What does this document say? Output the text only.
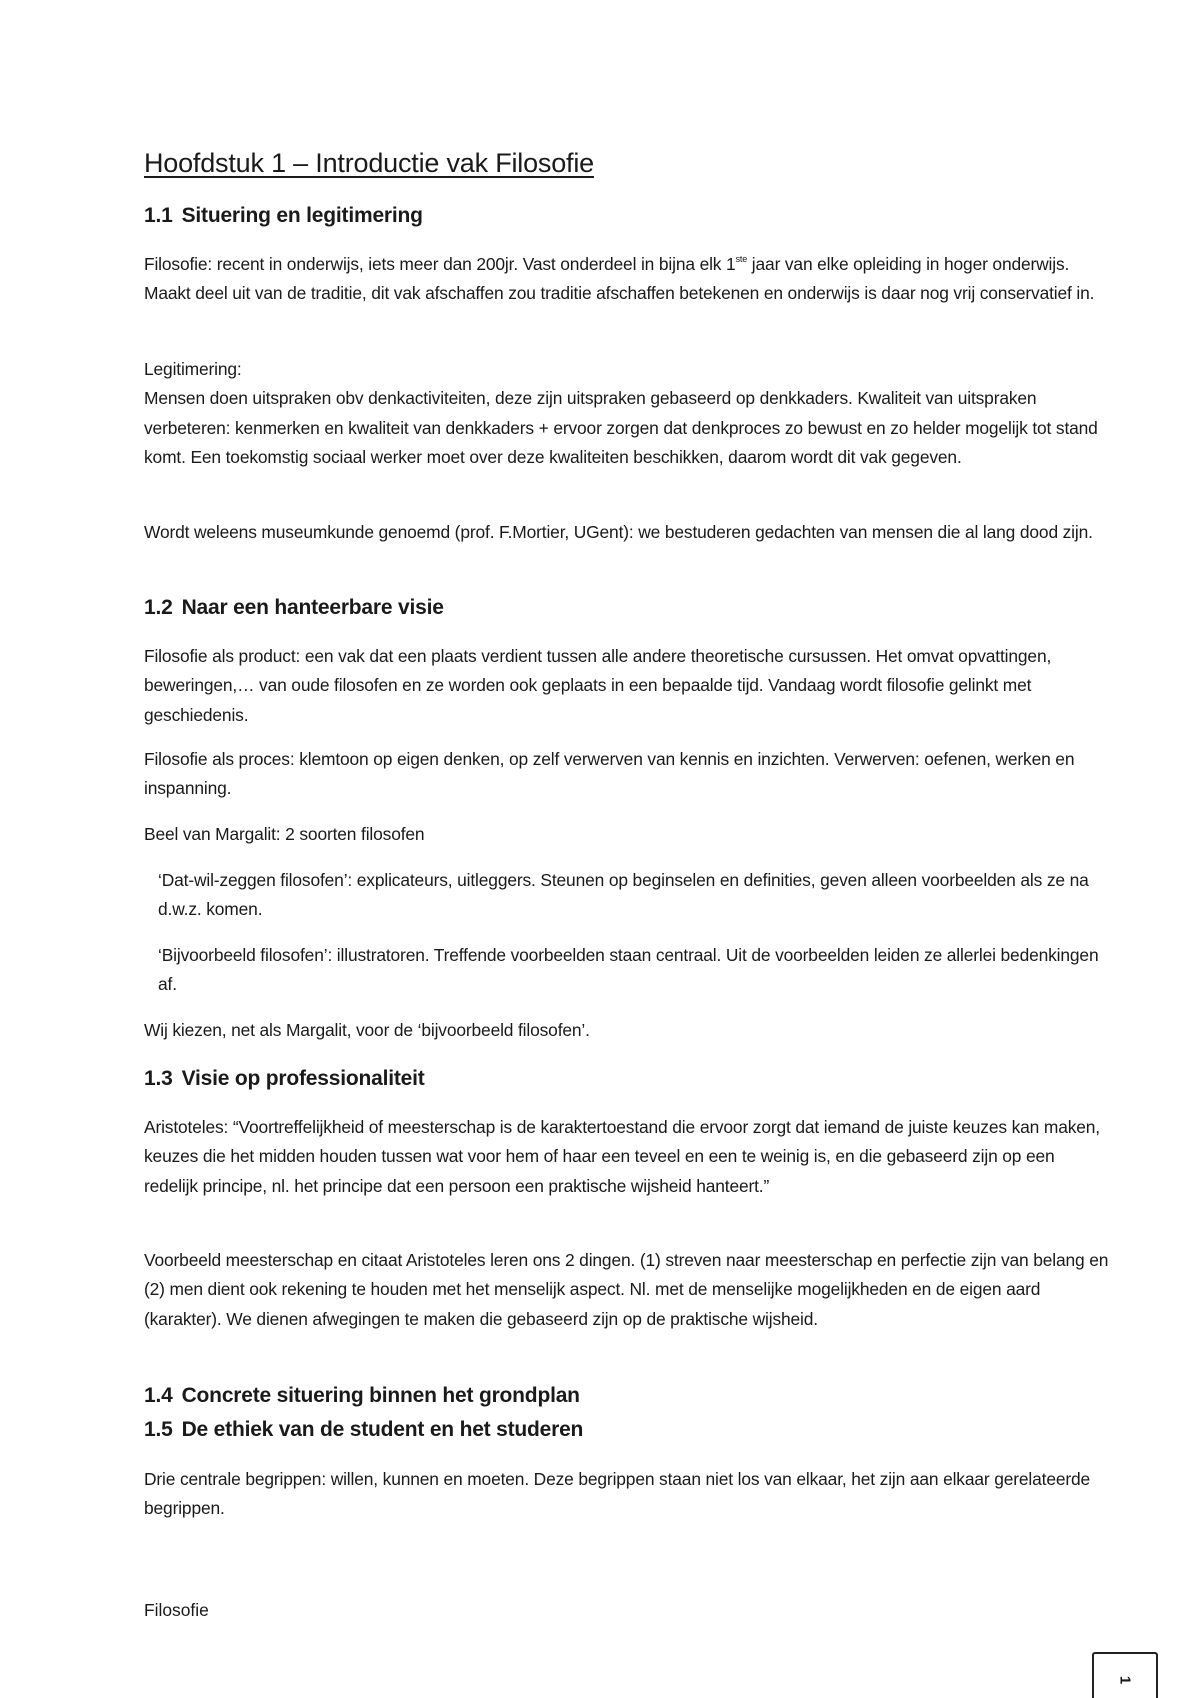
Hoofdstuk 1 – Introductie vak Filosofie
1.1 Situering en legitimering

Filosofie: recent in onderwijs, iets meer dan 200jr. Vast onderdeel in bijna elk 1ste jaar van elke opleiding in hoger onderwijs. Maakt deel uit van de traditie, dit vak afschaffen zou traditie afschaffen betekenen en onderwijs is daar nog vrij conservatief in.

Legitimering:
Mensen doen uitspraken obv denkactiviteiten, deze zijn uitspraken gebaseerd op denkkaders. Kwaliteit van uitspraken verbeteren: kenmerken en kwaliteit van denkkaders + ervoor zorgen dat denkproces zo bewust en zo helder mogelijk tot stand komt. Een toekomstig sociaal werker moet over deze kwaliteiten beschikken, daarom wordt dit vak gegeven.

Wordt weleens museumkunde genoemd (prof. F.Mortier, UGent): we bestuderen gedachten van mensen die al lang dood zijn.

1.2 Naar een hanteerbare visie

Filosofie als product: een vak dat een plaats verdient tussen alle andere theoretische cursussen. Het omvat opvattingen, beweringen,… van oude filosofen en ze worden ook geplaats in een bepaalde tijd. Vandaag wordt filosofie gelinkt met geschiedenis.

Filosofie als proces: klemtoon op eigen denken, op zelf verwerven van kennis en inzichten. Verwerven: oefenen, werken en inspanning.

Beel van Margalit: 2 soorten filosofen

‘Dat-wil-zeggen filosofen’: explicateurs, uitleggers. Steunen op beginselen en definities, geven alleen voorbeelden als ze na d.w.z. komen.

‘Bijvoorbeeld filosofen’: illustratoren. Treffende voorbeelden staan centraal. Uit de voorbeelden leiden ze allerlei bedenkingen af.

Wij kiezen, net als Margalit, voor de ‘bijvoorbeeld filosofen’.

1.3 Visie op professionaliteit

Aristoteles: “Voortreffelijkheid of meesterschap is de karaktertoestand die ervoor zorgt dat iemand de juiste keuzes kan maken, keuzes die het midden houden tussen wat voor hem of haar een teveel en een te weinig is, en die gebaseerd zijn op een redelijk principe, nl. het principe dat een persoon een praktische wijsheid hanteert.”

Voorbeeld meesterschap en citaat Aristoteles leren ons 2 dingen. (1) streven naar meesterschap en perfectie zijn van belang en (2) men dient ook rekening te houden met het menselijk aspect. Nl. met de menselijke mogelijkheden en de eigen aard (karakter). We dienen afwegingen te maken die gebaseerd zijn op de praktische wijsheid.

1.4 Concrete situering binnen het grondplan
1.5 De ethiek van de student en het studeren

Drie centrale begrippen: willen, kunnen en moeten. Deze begrippen staan niet los van elkaar, het zijn aan elkaar gerelateerde begrippen.

Filosofie

1
